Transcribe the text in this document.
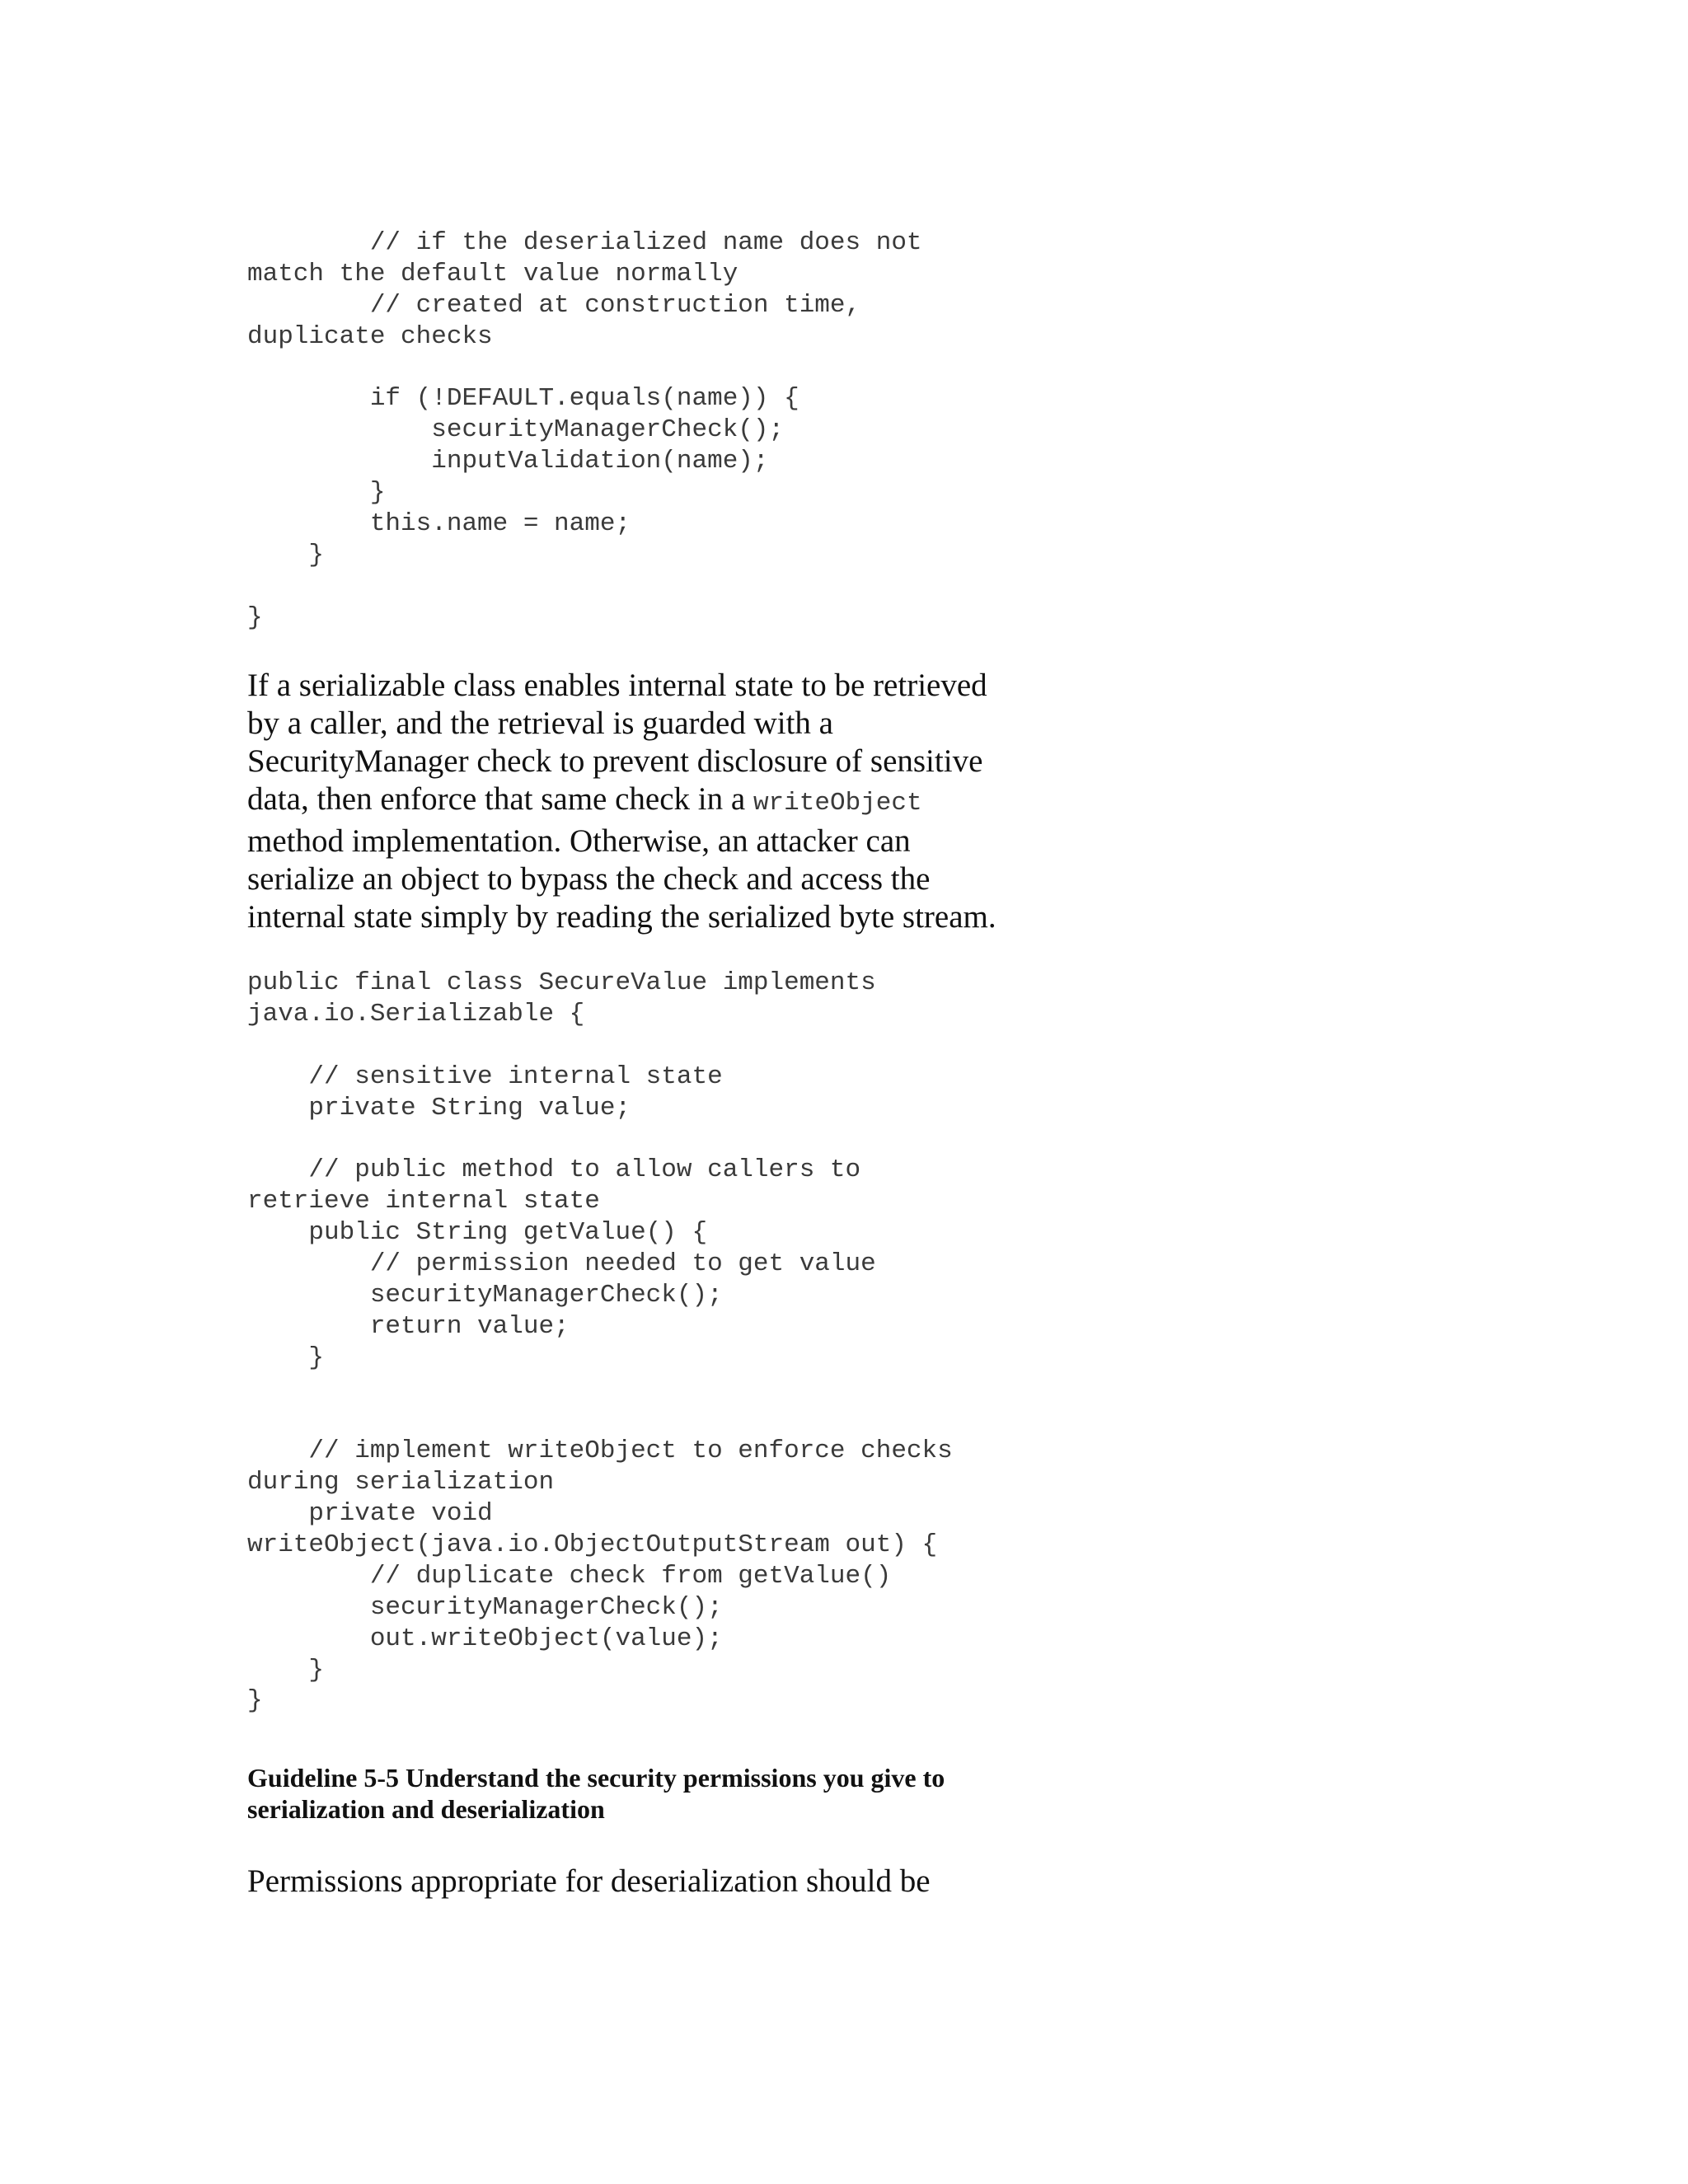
// if the deserialized name does not
match the default value normally
// created at construction time,
duplicate checks
if (!DEFAULT.equals(name)) {
securityManagerCheck();
inputValidation(name);
}
this.name = name;
}
}

If a serializable class enables internal state to be retrieved
by a caller, and the retrieval is guarded with a
SecurityManager check to prevent disclosure of sensitive
data, then enforce that same check in a writeObject
method implementation. Otherwise, an attacker can
serialize an object to bypass the check and access the
internal state simply by reading the serialized byte stream.

public final class SecureValue implements
java.io.Serializable {
// sensitive internal state
private String value;
// public method to allow callers to
retrieve internal state
public String getValue() {
// permission needed to get value
securityManagerCheck();
return value;
}
// implement writeObject to enforce checks
during serialization
private void
writeObject(java.io.ObjectOutputStream out) {
// duplicate check from getValue()
securityManagerCheck();
out.writeObject(value);
}
}
Guideline 5-5 Understand the security permissions you give to
serialization and deserialization

Permissions appropriate for deserialization should be
